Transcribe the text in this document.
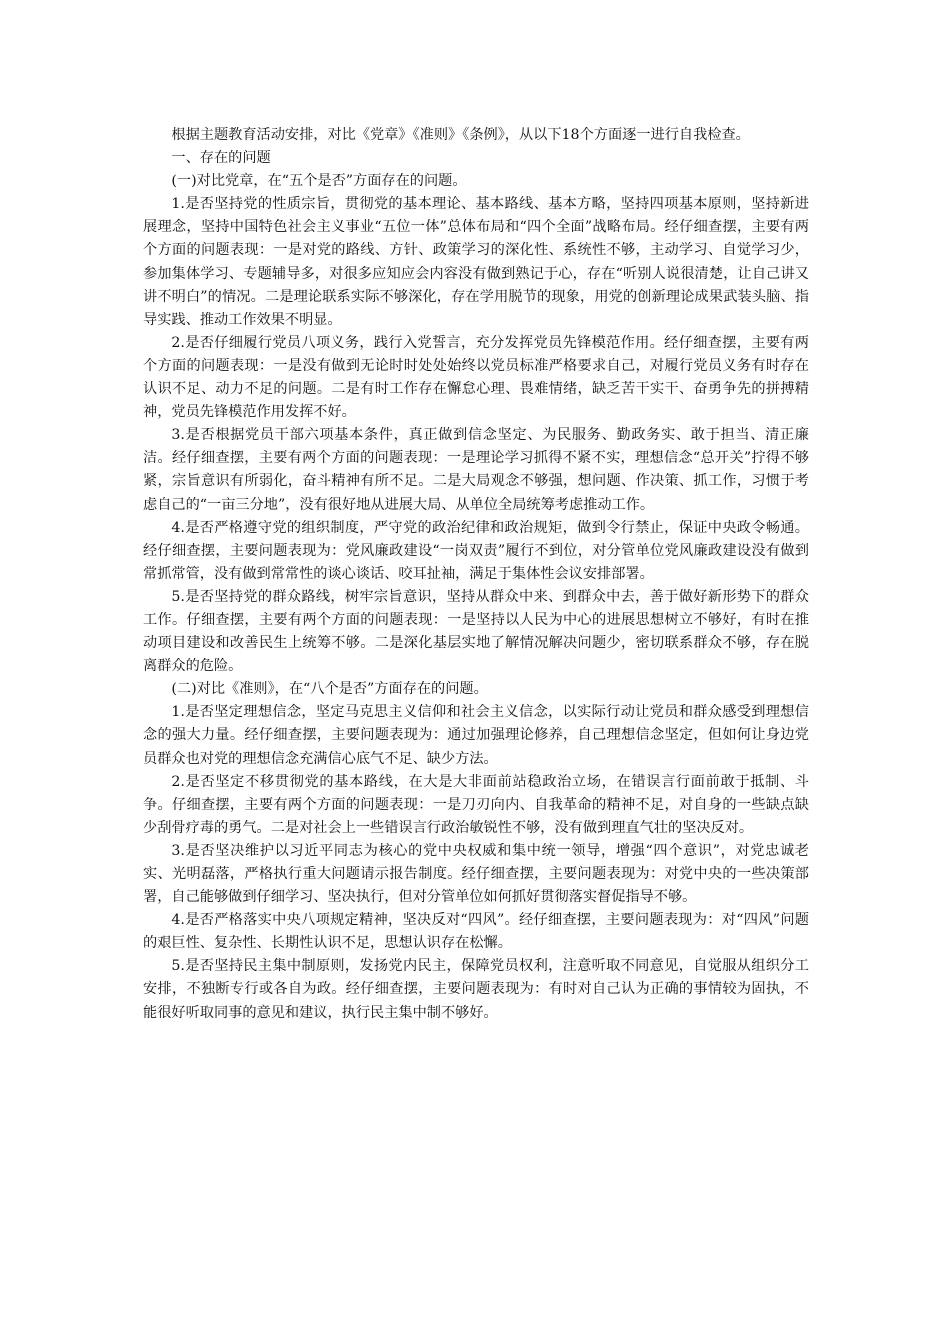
根据主题教育活动安排，对比《党章》《准则》《条例》，从以下18个方面逐一进行自我检查。

一、存在的问题

(一)对比党章，在“五个是否”方面存在的问题。

1.是否坚持党的性质宗旨，贯彻党的基本理论、基本路线、基本方略，坚持四项基本原则，坚持新进展理念，坚持中国特色社会主义事业“五位一体”总体布局和“四个全面”战略布局。经仔细查摆，主要有两个方面的问题表现：一是对党的路线、方针、政策学习的深化性、系统性不够，主动学习、自觉学习少，参加集体学习、专题辅导多，对很多应知应会内容没有做到熟记于心，存在“听别人说很清楚，让自己讲又讲不明白”的情况。二是理论联系实际不够深化，存在学用脱节的现象，用党的创新理论成果武装头脑、指导实践、推动工作效果不明显。

2.是否仔细履行党员八项义务，践行入党誓言，充分发挥党员先锋模范作用。经仔细查摆，主要有两个方面的问题表现：一是没有做到无论时时处处始终以党员标准严格要求自己，对履行党员义务有时存在认识不足、动力不足的问题。二是有时工作存在懈怠心理、畏难情绪，缺乏苦干实干、奋勇争先的拼搏精神，党员先锋模范作用发挥不好。

3.是否根据党员干部六项基本条件，真正做到信念坚定、为民服务、勤政务实、敢于担当、清正廉洁。经仔细查摆，主要有两个方面的问题表现：一是理论学习抓得不紧不实，理想信念“总开关”拧得不够紧，宗旨意识有所弱化，奋斗精神有所不足。二是大局观念不够强，想问题、作决策、抓工作，习惯于考虑自己的“一亩三分地”，没有很好地从进展大局、从单位全局统筹考虑推动工作。

4.是否严格遵守党的组织制度，严守党的政治纪律和政治规矩，做到令行禁止，保证中央政令畅通。经仔细查摆，主要问题表现为：党风廉政建设“一岗双责”履行不到位，对分管单位党风廉政建设没有做到常抓常管，没有做到常常性的谈心谈话、咬耳扯袖，满足于集体性会议安排部署。

5.是否坚持党的群众路线，树牢宗旨意识，坚持从群众中来、到群众中去，善于做好新形势下的群众工作。仔细查摆，主要有两个方面的问题表现：一是坚持以人民为中心的进展思想树立不够好，有时在推动项目建设和改善民生上统筹不够。二是深化基层实地了解情况解决问题少，密切联系群众不够，存在脱离群众的危险。

(二)对比《准则》，在“八个是否”方面存在的问题。

1.是否坚定理想信念，坚定马克思主义信仰和社会主义信念，以实际行动让党员和群众感受到理想信念的强大力量。经仔细查摆，主要问题表现为：通过加强理论修养，自己理想信念坚定，但如何让身边党员群众也对党的理想信念充满信心底气不足、缺少方法。

2.是否坚定不移贯彻党的基本路线，在大是大非面前站稳政治立场，在错误言行面前敢于抵制、斗争。仔细查摆，主要有两个方面的问题表现：一是刀刃向内、自我革命的精神不足，对自身的一些缺点缺少刮骨疗毒的勇气。二是对社会上一些错误言行政治敏锐性不够，没有做到理直气壮的坚决反对。

3.是否坚决维护以习近平同志为核心的党中央权威和集中统一领导，增强“四个意识”，对党忠诚老实、光明磊落，严格执行重大问题请示报告制度。经仔细查摆，主要问题表现为：对党中央的一些决策部署，自己能够做到仔细学习、坚决执行，但对分管单位如何抓好贯彻落实督促指导不够。

4.是否严格落实中央八项规定精神，坚决反对“四风”。经仔细查摆，主要问题表现为：对“四风”问题的艰巨性、复杂性、长期性认识不足，思想认识存在松懈。

5.是否坚持民主集中制原则，发扬党内民主，保障党员权利，注意听取不同意见，自觉服从组织分工安排，不独断专行或各自为政。经仔细查摆，主要问题表现为：有时对自己认为正确的事情较为固执，不能很好听取同事的意见和建议，执行民主集中制不够好。
